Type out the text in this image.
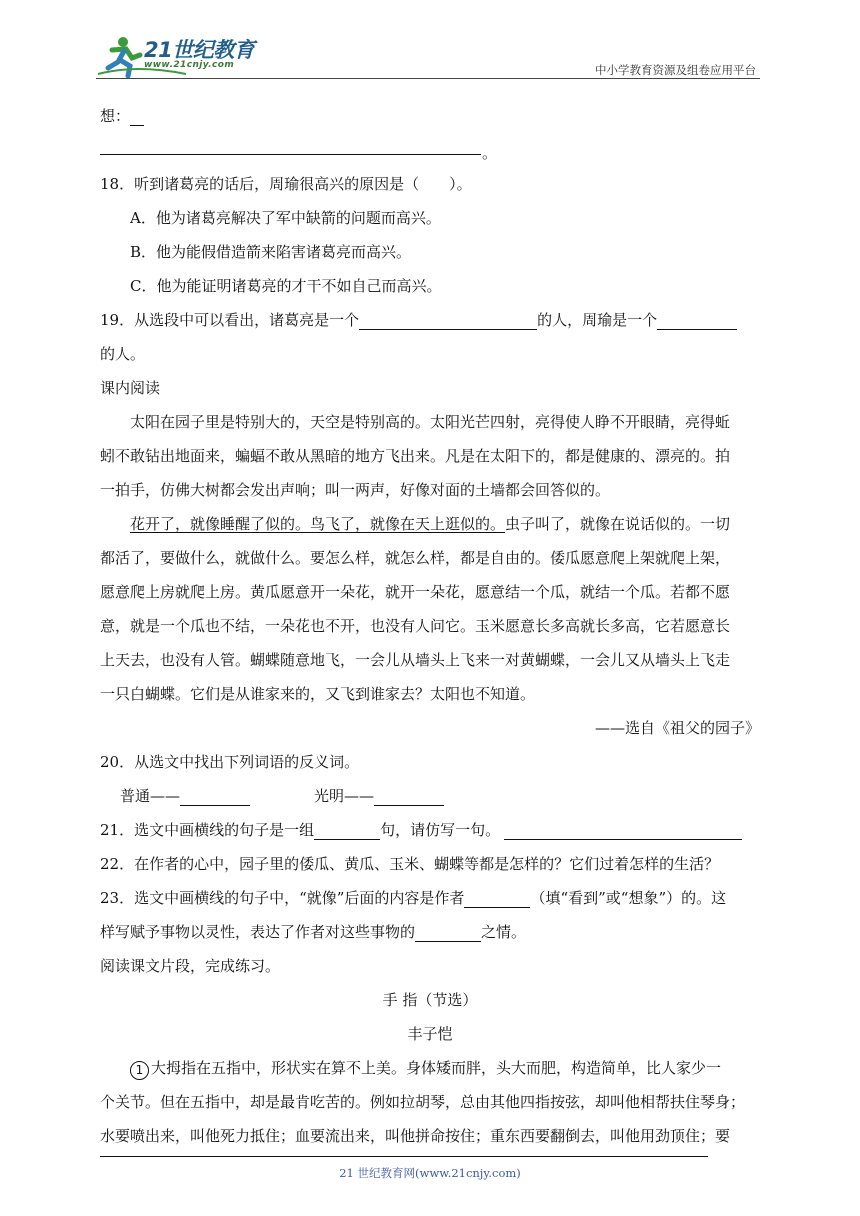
21世纪教育
www.21cnjy.com	中小学教育资源及组卷应用平台
想：
。
18．听到诸葛亮的话后，周瑜很高兴的原因是（　　）。
A．他为诸葛亮解决了军中缺箭的问题而高兴。
B．他为能假借造箭来陷害诸葛亮而高兴。
C．他为能证明诸葛亮的才干不如自己而高兴。
19．从选段中可以看出，诸葛亮是一个	的人，周瑜是一个
的人。
课内阅读
太阳在园子里是特别大的，天空是特别高的。太阳光芒四射，亮得使人睁不开眼睛，亮得蚯
蚓不敢钻出地面来，蝙蝠不敢从黑暗的地方飞出来。凡是在太阳下的，都是健康的、漂亮的。拍
一拍手，仿佛大树都会发出声响；叫一两声，好像对面的土墙都会回答似的。
花开了，就像睡醒了似的。鸟飞了，就像在天上逛似的。虫子叫了，就像在说话似的。一切
都活了，要做什么，就做什么。要怎么样，就怎么样，都是自由的。倭瓜愿意爬上架就爬上架，
愿意爬上房就爬上房。黄瓜愿意开一朵花，就开一朵花，愿意结一个瓜，就结一个瓜。若都不愿
意，就是一个瓜也不结，一朵花也不开，也没有人问它。玉米愿意长多高就长多高，它若愿意长
上天去，也没有人管。蝴蝶随意地飞，一会儿从墙头上飞来一对黄蝴蝶，一会儿又从墙头上飞走
一只白蝴蝶。它们是从谁家来的，又飞到谁家去？太阳也不知道。
——选自《祖父的园子》
20．从选文中找出下列词语的反义词。
普通——	光明——
21．选文中画横线的句子是一组	句，请仿写一句。
22．在作者的心中，园子里的倭瓜、黄瓜、玉米、蝴蝶等都是怎样的？它们过着怎样的生活？
23．选文中画横线的句子中，“就像”后面的内容是作者	（填“看到”或“想象”）的。这
样写赋予事物以灵性，表达了作者对这些事物的	之情。
阅读课文片段，完成练习。
手 指（节选）
丰子恺
1 大拇指在五指中，形状实在算不上美。身体矮而胖，头大而肥，构造简单，比人家少一
个关节。但在五指中，却是最肯吃苦的。例如拉胡琴，总由其他四指按弦，却叫他相帮扶住琴身；
水要喷出来，叫他死力抵住；血要流出来，叫他拼命按住；重东西要翻倒去，叫他用劲顶住；要
21 世纪教育网(www.21cnjy.com)
